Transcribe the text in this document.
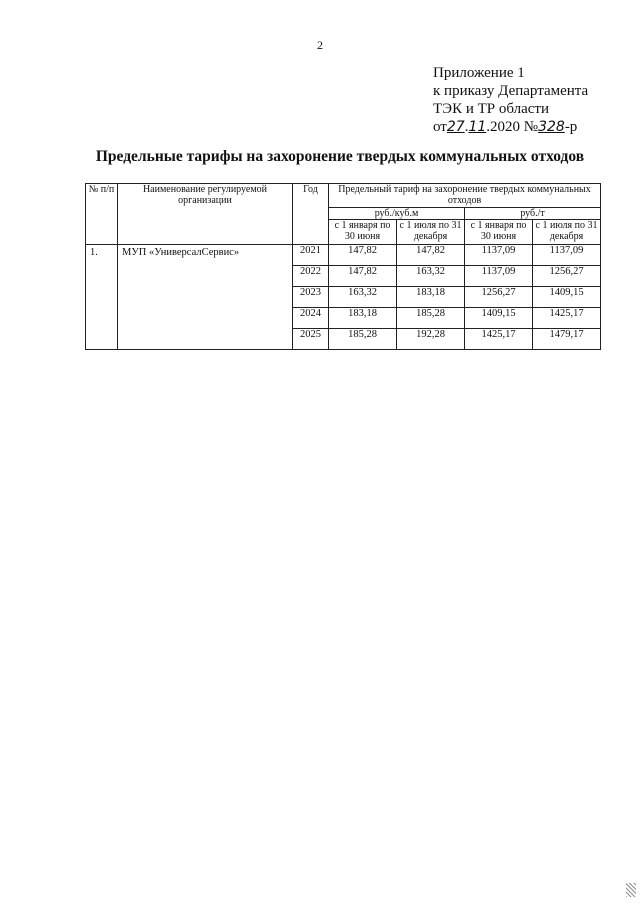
2
Приложение 1
к приказу Департамента
ТЭК и ТР области
от27.11.2020 №328-р
Предельные тарифы на захоронение твердых коммунальных отходов
№ п/п	Наименование регулируемой организации	Год	Предельный тариф на захоронение твердых коммунальных отходов			
			руб./куб.м		руб./т	
			с 1 января по 30 июня	с 1 июля по 31 декабря	с 1 января по 30 июня	с 1 июля по 31 декабря
1.	МУП «УниверсалСервис»	2021	147,82	147,82	1137,09	1137,09
		2022	147,82	163,32	1137,09	1256,27
		2023	163,32	183,18	1256,27	1409,15
		2024	183,18	185,28	1409,15	1425,17
		2025	185,28	192,28	1425,17	1479,17
